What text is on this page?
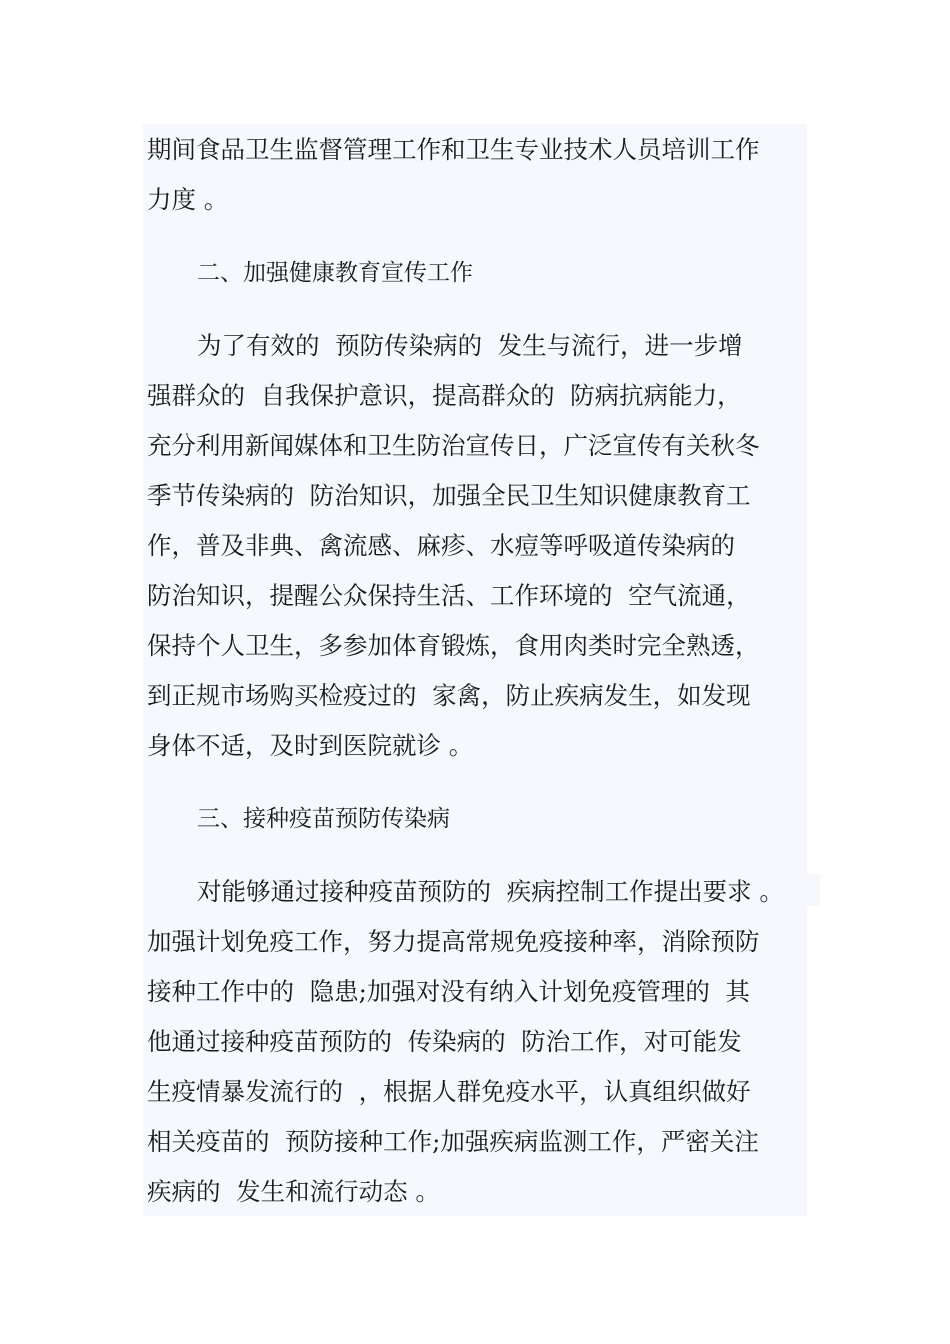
期间食品卫生监督管理工作和卫生专业技术人员培训工作
力度 。
二、加强健康教育宣传工作
为了有效的  预防传染病的  发生与流行，进一步增
强群众的  自我保护意识，提高群众的  防病抗病能力，
充分利用新闻媒体和卫生防治宣传日，广泛宣传有关秋冬
季节传染病的  防治知识，加强全民卫生知识健康教育工
作，普及非典、禽流感、麻疹、水痘等呼吸道传染病的
防治知识，提醒公众保持生活、工作环境的  空气流通，
保持个人卫生，多参加体育锻炼，食用肉类时完全熟透，
到正规市场购买检疫过的  家禽，防止疾病发生，如发现
身体不适，及时到医院就诊 。
三、接种疫苗预防传染病
对能够通过接种疫苗预防的  疾病控制工作提出要求 。
加强计划免疫工作，努力提高常规免疫接种率，消除预防
接种工作中的  隐患;加强对没有纳入计划免疫管理的  其
他通过接种疫苗预防的  传染病的  防治工作，对可能发
生疫情暴发流行的  ，根据人群免疫水平，认真组织做好
相关疫苗的  预防接种工作;加强疾病监测工作，严密关注
疾病的  发生和流行动态 。
